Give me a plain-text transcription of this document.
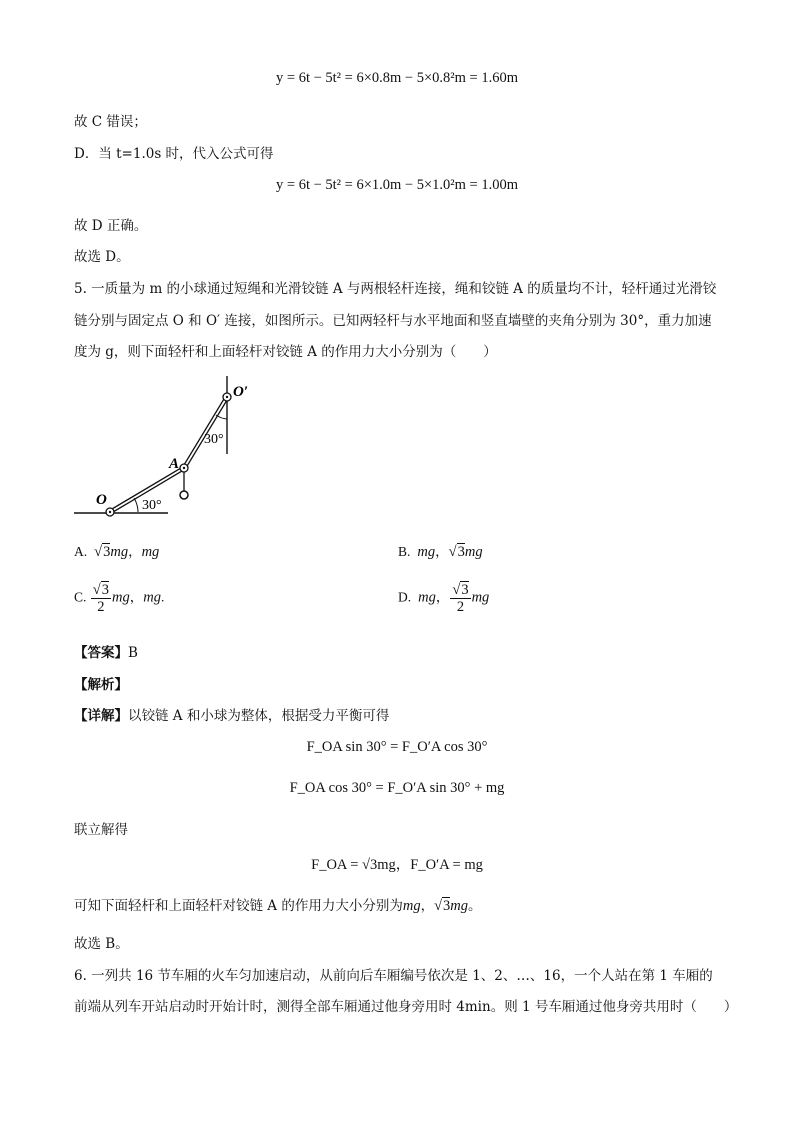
y = 6t − 5t² = 6×0.8m − 5×0.8²m = 1.60m
故 C 错误；
D．当 t=1.0s 时，代入公式可得
y = 6t − 5t² = 6×1.0m − 5×1.0²m = 1.00m
故 D 正确。
故选 D。
5. 一质量为 m 的小球通过短绳和光滑铰链 A 与两根轻杆连接，绳和铰链 A 的质量均不计，轻杆通过光滑铰
链分别与固定点 O 和 O′ 连接，如图所示。已知两轻杆与水平地面和竖直墙壁的夹角分别为 30°，重力加速
度为 g，则下面轻杆和上面轻杆对铰链 A 的作用力大小分别为（　　）
O
O′
A
30°
30°
A.  √3mg，mg	B. mg，√3mg
C. $\frac{√3}{2}$ mg，mg.	D. mg， $\frac{√3}{2}$ mg
【答案】B
【解析】
【详解】以铰链 A 和小球为整体，根据受力平衡可得
F_OA sin 30° = F_O′A cos 30°
F_OA cos 30° = F_O′A sin 30° + mg
联立解得
F_OA = √3mg，F_O′A = mg
可知下面轻杆和上面轻杆对铰链 A 的作用力大小分别为mg，√3mg。
故选 B。
6. 一列共 16 节车厢的火车匀加速启动，从前向后车厢编号依次是 1、2、…、16，一个人站在第 1 车厢的
前端从列车开站启动时开始计时，测得全部车厢通过他身旁用时 4min。则 1 号车厢通过他身旁共用时（　　）
